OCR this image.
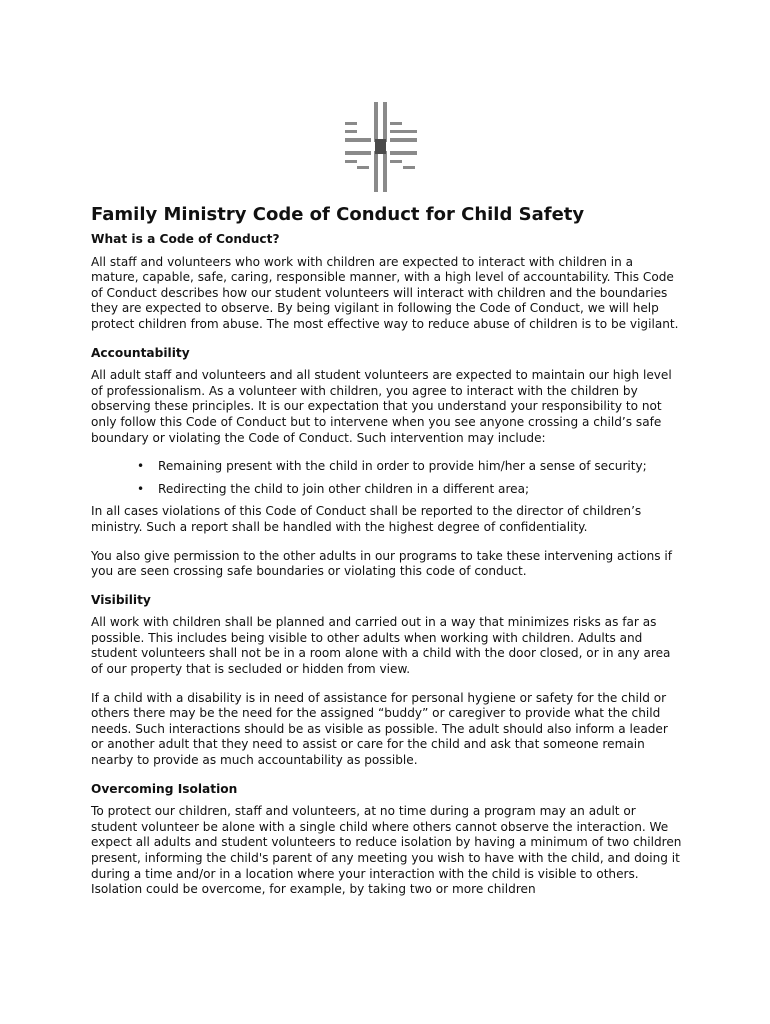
Family Ministry Code of Conduct for Child Safety
What is a Code of Conduct?

All staff and volunteers who work with children are expected to interact with children in a mature, capable, safe, caring, responsible manner, with a high level of accountability. This Code of Conduct describes how our student volunteers will interact with children and the boundaries they are expected to observe. By being vigilant in following the Code of Conduct, we will help protect children from abuse. The most effective way to reduce abuse of children is to be vigilant.

Accountability

All adult staff and volunteers and all student volunteers are expected to maintain our high level of professionalism. As a volunteer with children, you agree to interact with the children by observing these principles. It is our expectation that you understand your responsibility to not only follow this Code of Conduct but to intervene when you see anyone crossing a child’s safe boundary or violating the Code of Conduct. Such intervention may include:

• Remaining present with the child in order to provide him/her a sense of security;
• Redirecting the child to join other children in a different area;

In all cases violations of this Code of Conduct shall be reported to the director of children’s ministry. Such a report shall be handled with the highest degree of confidentiality.

You also give permission to the other adults in our programs to take these intervening actions if you are seen crossing safe boundaries or violating this code of conduct.

Visibility

All work with children shall be planned and carried out in a way that minimizes risks as far as possible. This includes being visible to other adults when working with children. Adults and student volunteers shall not be in a room alone with a child with the door closed, or in any area of our property that is secluded or hidden from view.

If a child with a disability is in need of assistance for personal hygiene or safety for the child or others there may be the need for the assigned “buddy” or caregiver to provide what the child needs. Such interactions should be as visible as possible. The adult should also inform a leader or another adult that they need to assist or care for the child and ask that someone remain nearby to provide as much accountability as possible.

Overcoming Isolation

To protect our children, staff and volunteers, at no time during a program may an adult or student volunteer be alone with a single child where others cannot observe the interaction. We expect all adults and student volunteers to reduce isolation by having a minimum of two children present, informing the child's parent of any meeting you wish to have with the child, and doing it during a time and/or in a location where your interaction with the child is visible to others. Isolation could be overcome, for example, by taking two or more children
